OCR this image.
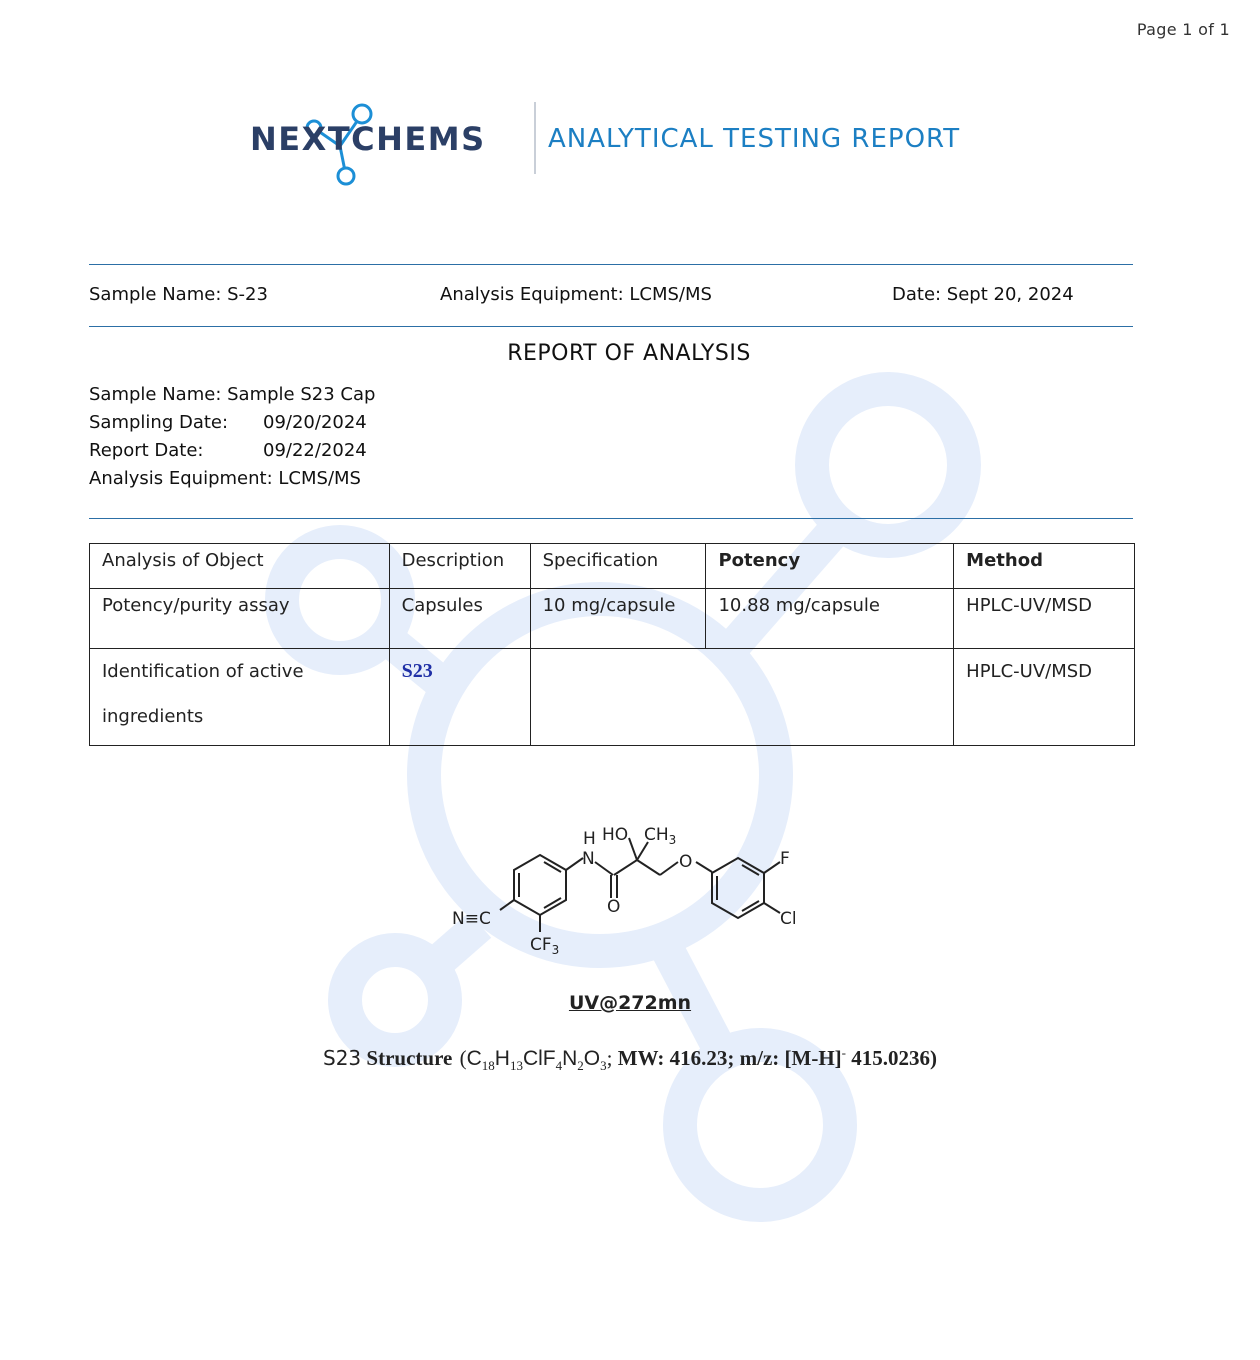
Page 1 of 1
NEXTCHEMS ANALYTICAL TESTING REPORT
Sample Name: S-23	Analysis Equipment: LCMS/MS	Date: Sept 20, 2024
REPORT OF ANALYSIS
Sample Name: Sample S23 Cap
Sampling Date: 09/20/2024
Report Date:	09/22/2024
Analysis Equipment: LCMS/MS
Analysis of Object	Description	Specification	Potency	Method
Potency/purity assay	Capsules	10 mg/capsule	10.88 mg/capsule	HPLC-UV/MSD
Identification of active ingredients	S23			HPLC-UV/MSD
H
N
HO $CH_3$
O	F
N≡C
$CF_3$
O
Cl
UV@272mn
S23 Structure ($C_{18}H_{13}ClF_4N_2O_3$; MW: 416.23; m/z: [M-H]- 415.0236)
